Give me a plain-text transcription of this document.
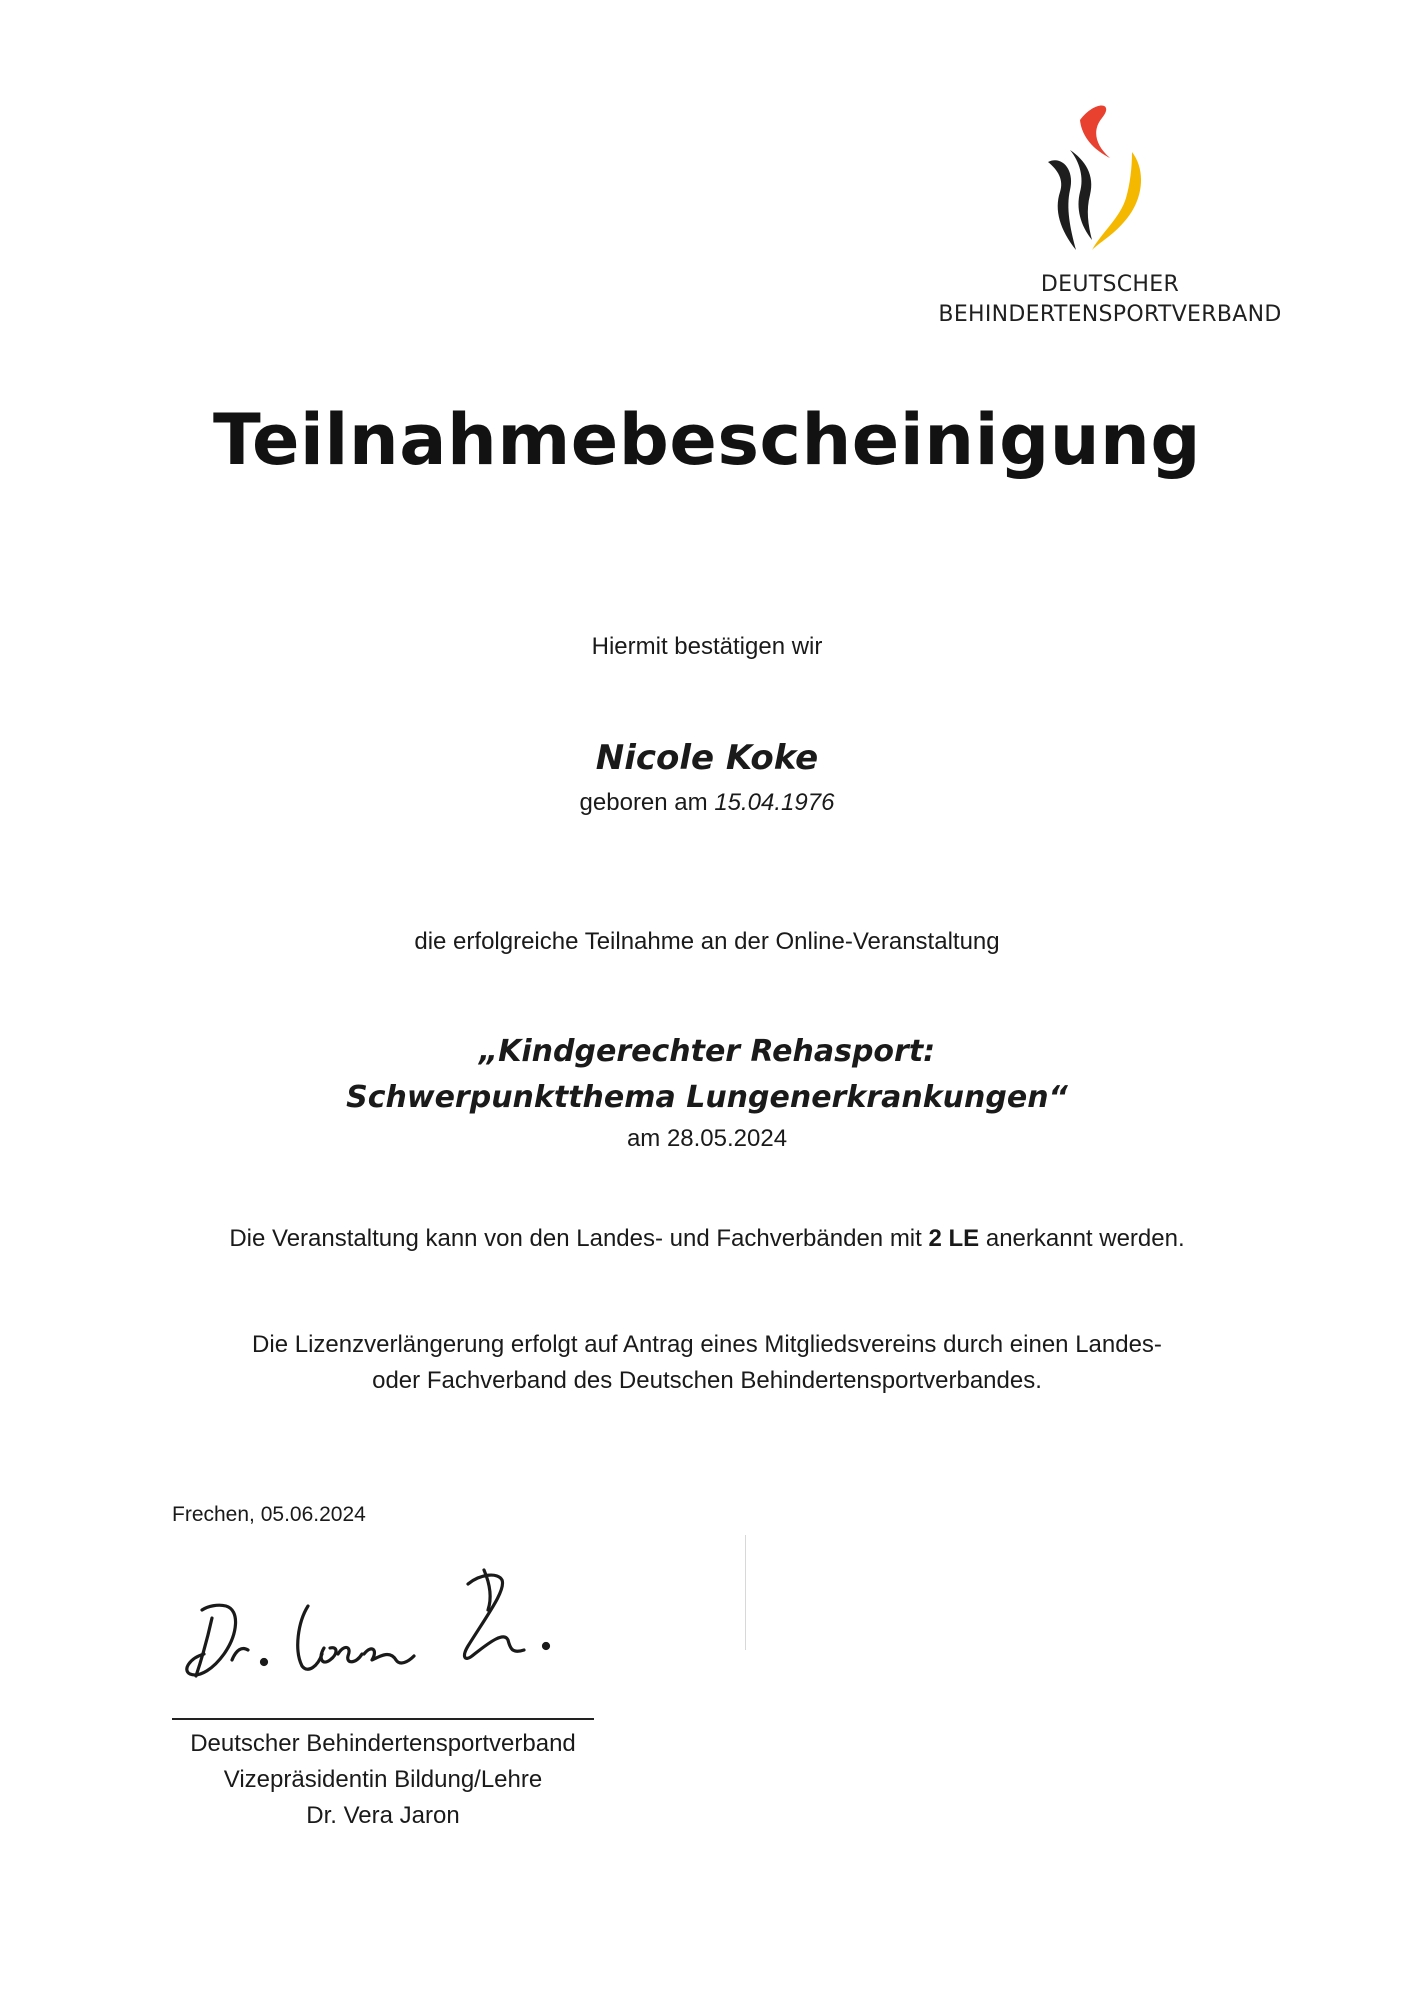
DEUTSCHER
BEHINDERTENSPORTVERBAND
Teilnahmebescheinigung
Hiermit bestätigen wir
Nicole Koke
geboren am 15.04.1976
die erfolgreiche Teilnahme an der Online-Veranstaltung
„Kindgerechter Rehasport:
Schwerpunktthema Lungenerkrankungen“
am 28.05.2024
Die Veranstaltung kann von den Landes- und Fachverbänden mit 2 LE anerkannt werden.
Die Lizenzverlängerung erfolgt auf Antrag eines Mitgliedsvereins durch einen Landes-
oder Fachverband des Deutschen Behindertensportverbandes.
Frechen, 05.06.2024
Deutscher Behindertensportverband
Vizepräsidentin Bildung/Lehre
Dr. Vera Jaron
